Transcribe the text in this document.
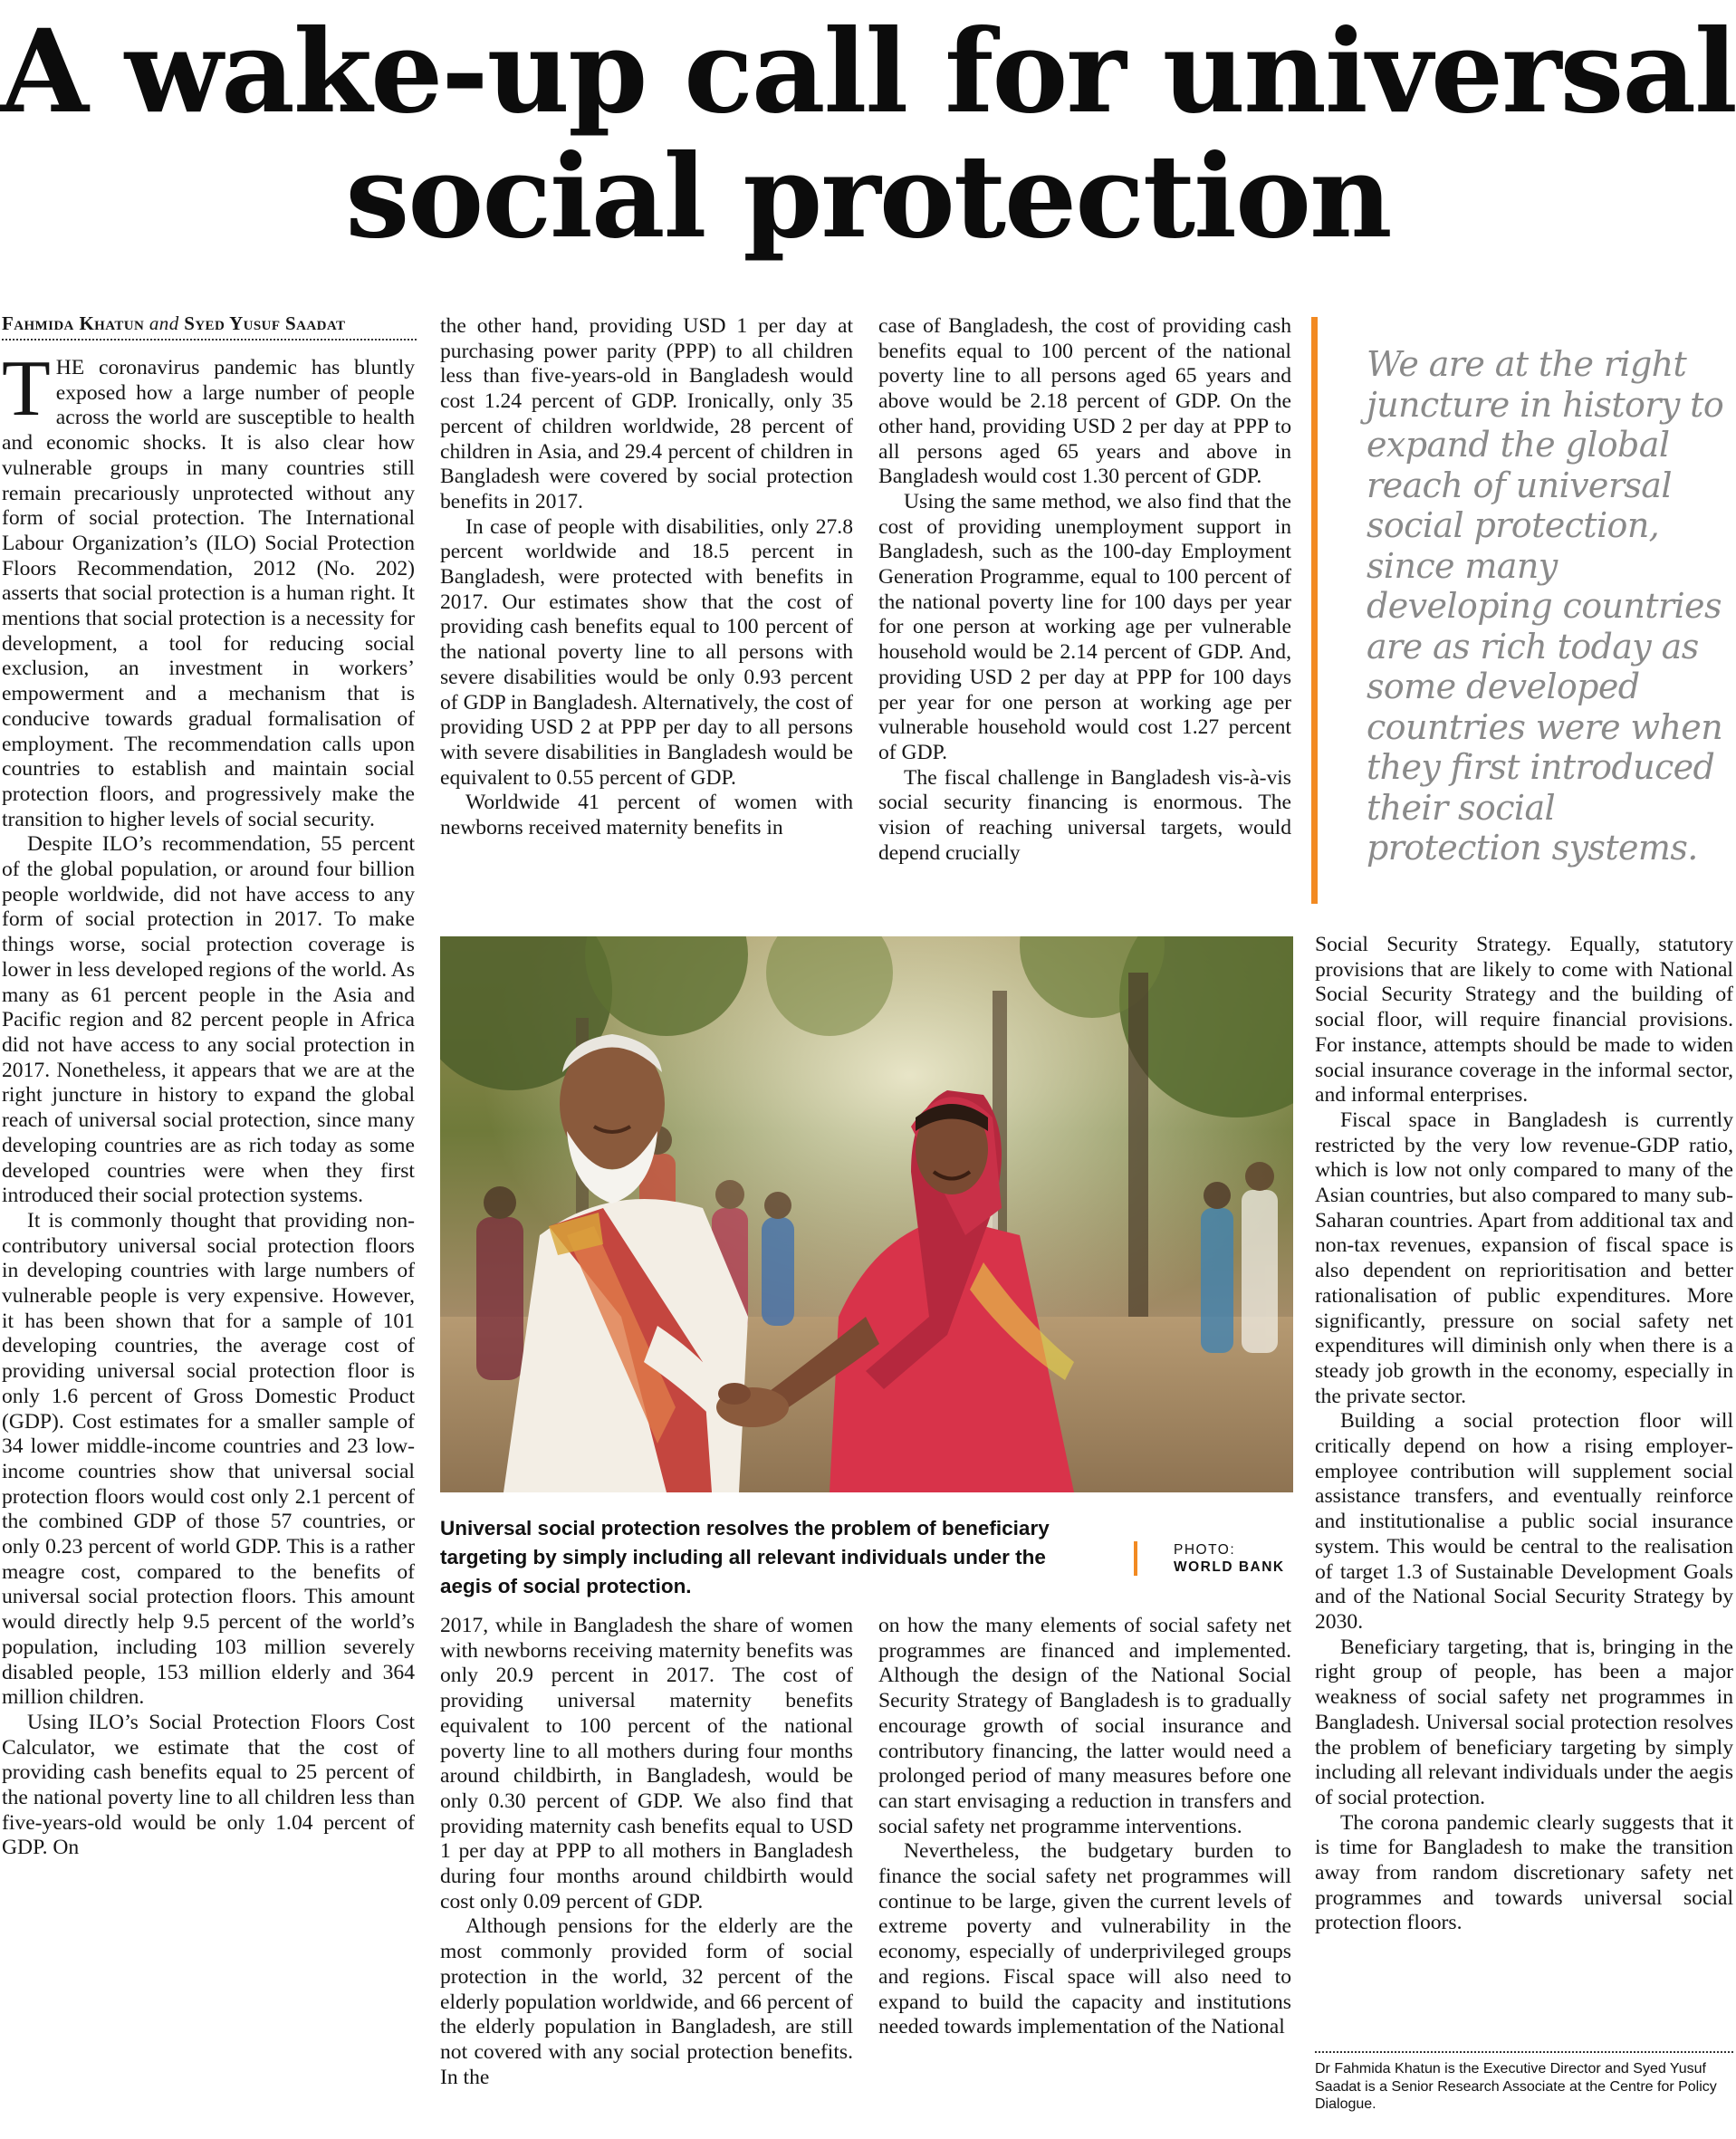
A wake-up call for universal social protection
Fahmida Khatun and Syed Yusuf Saadat

THE coronavirus pandemic has bluntly exposed how a large number of people across the world are susceptible to health and economic shocks. It is also clear how vulnerable groups in many countries still remain precariously unprotected without any form of social protection. The International Labour Organization’s (ILO) Social Protection Floors Recommendation, 2012 (No. 202) asserts that social protection is a human right. It mentions that social protection is a necessity for development, a tool for reducing social exclusion, an investment in workers’ empowerment and a mechanism that is conducive towards gradual formalisation of employment. The recommendation calls upon countries to establish and maintain social protection floors, and progressively make the transition to higher levels of social security.

Despite ILO’s recommendation, 55 percent of the global population, or around four billion people worldwide, did not have access to any form of social protection in 2017. To make things worse, social protection coverage is lower in less developed regions of the world. As many as 61 percent people in the Asia and Pacific region and 82 percent people in Africa did not have access to any social protection in 2017. Nonetheless, it appears that we are at the right juncture in history to expand the global reach of universal social protection, since many developing countries are as rich today as some developed countries were when they first introduced their social protection systems.

It is commonly thought that providing non-contributory universal social protection floors in developing countries with large numbers of vulnerable people is very expensive. However, it has been shown that for a sample of 101 developing countries, the average cost of providing universal social protection floor is only 1.6 percent of Gross Domestic Product (GDP). Cost estimates for a smaller sample of 34 lower middle-income countries and 23 low-income countries show that universal social protection floors would cost only 2.1 percent of the combined GDP of those 57 countries, or only 0.23 percent of world GDP. This is a rather meagre cost, compared to the benefits of universal social protection floors. This amount would directly help 9.5 percent of the world’s population, including 103 million severely disabled people, 153 million elderly and 364 million children.

Using ILO’s Social Protection Floors Cost Calculator, we estimate that the cost of providing cash benefits equal to 25 percent of the national poverty line to all children less than five-years-old would be only 1.04 percent of GDP. On

the other hand, providing USD 1 per day at purchasing power parity (PPP) to all children less than five-years-old in Bangladesh would cost 1.24 percent of GDP. Ironically, only 35 percent of children worldwide, 28 percent of children in Asia, and 29.4 percent of children in Bangladesh were covered by social protection benefits in 2017.

In case of people with disabilities, only 27.8 percent worldwide and 18.5 percent in Bangladesh, were protected with benefits in 2017. Our estimates show that the cost of providing cash benefits equal to 100 percent of the national poverty line to all persons with severe disabilities would be only 0.93 percent of GDP in Bangladesh. Alternatively, the cost of providing USD 2 at PPP per day to all persons with severe disabilities in Bangladesh would be equivalent to 0.55 percent of GDP.

Worldwide 41 percent of women with newborns received maternity benefits in

case of Bangladesh, the cost of providing cash benefits equal to 100 percent of the national poverty line to all persons aged 65 years and above would be 2.18 percent of GDP. On the other hand, providing USD 2 per day at PPP to all persons aged 65 years and above in Bangladesh would cost 1.30 percent of GDP.

Using the same method, we also find that the cost of providing unemployment support in Bangladesh, such as the 100-day Employment Generation Programme, equal to 100 percent of the national poverty line for 100 days per year for one person at working age per vulnerable household would be 2.14 percent of GDP. And, providing USD 2 per day at PPP for 100 days per year for one person at working age per vulnerable household would cost 1.27 percent of GDP.

The fiscal challenge in Bangladesh vis-à-vis social security financing is enormous. The vision of reaching universal targets, would depend crucially

We are at the right juncture in history to expand the global reach of universal social protection, since many developing countries are as rich today as some developed countries were when they first introduced their social protection systems.
Universal social protection resolves the problem of beneficiary targeting by simply including all relevant individuals under the aegis of social protection.
PHOTO:
WORLD BANK

2017, while in Bangladesh the share of women with newborns receiving maternity benefits was only 20.9 percent in 2017. The cost of providing universal maternity benefits equivalent to 100 percent of the national poverty line to all mothers during four months around childbirth, in Bangladesh, would be only 0.30 percent of GDP. We also find that providing maternity cash benefits equal to USD 1 per day at PPP to all mothers in Bangladesh during four months around childbirth would cost only 0.09 percent of GDP.

Although pensions for the elderly are the most commonly provided form of social protection in the world, 32 percent of the elderly population worldwide, and 66 percent of the elderly population in Bangladesh, are still not covered with any social protection benefits. In the

on how the many elements of social safety net programmes are financed and implemented. Although the design of the National Social Security Strategy of Bangladesh is to gradually encourage growth of social insurance and contributory financing, the latter would need a prolonged period of many measures before one can start envisaging a reduction in transfers and social safety net programme interventions.

Nevertheless, the budgetary burden to finance the social safety net programmes will continue to be large, given the current levels of extreme poverty and vulnerability in the economy, especially of underprivileged groups and regions. Fiscal space will also need to expand to build the capacity and institutions needed towards implementation of the National

Social Security Strategy. Equally, statutory provisions that are likely to come with National Social Security Strategy and the building of social floor, will require financial provisions. For instance, attempts should be made to widen social insurance coverage in the informal sector, and informal enterprises.

Fiscal space in Bangladesh is currently restricted by the very low revenue-GDP ratio, which is low not only compared to many of the Asian countries, but also compared to many sub-Saharan countries. Apart from additional tax and non-tax revenues, expansion of fiscal space is also dependent on reprioritisation and better rationalisation of public expenditures. More significantly, pressure on social safety net expenditures will diminish only when there is a steady job growth in the economy, especially in the private sector.

Building a social protection floor will critically depend on how a rising employer-employee contribution will supplement social assistance transfers, and eventually reinforce and institutionalise a public social insurance system. This would be central to the realisation of target 1.3 of Sustainable Development Goals and of the National Social Security Strategy by 2030.

Beneficiary targeting, that is, bringing in the right group of people, has been a major weakness of social safety net programmes in Bangladesh. Universal social protection resolves the problem of beneficiary targeting by simply including all relevant individuals under the aegis of social protection.

The corona pandemic clearly suggests that it is time for Bangladesh to make the transition away from random discretionary safety net programmes and towards universal social protection floors.

Dr Fahmida Khatun is the Executive Director and Syed Yusuf Saadat is a Senior Research Associate at the Centre for Policy Dialogue.
